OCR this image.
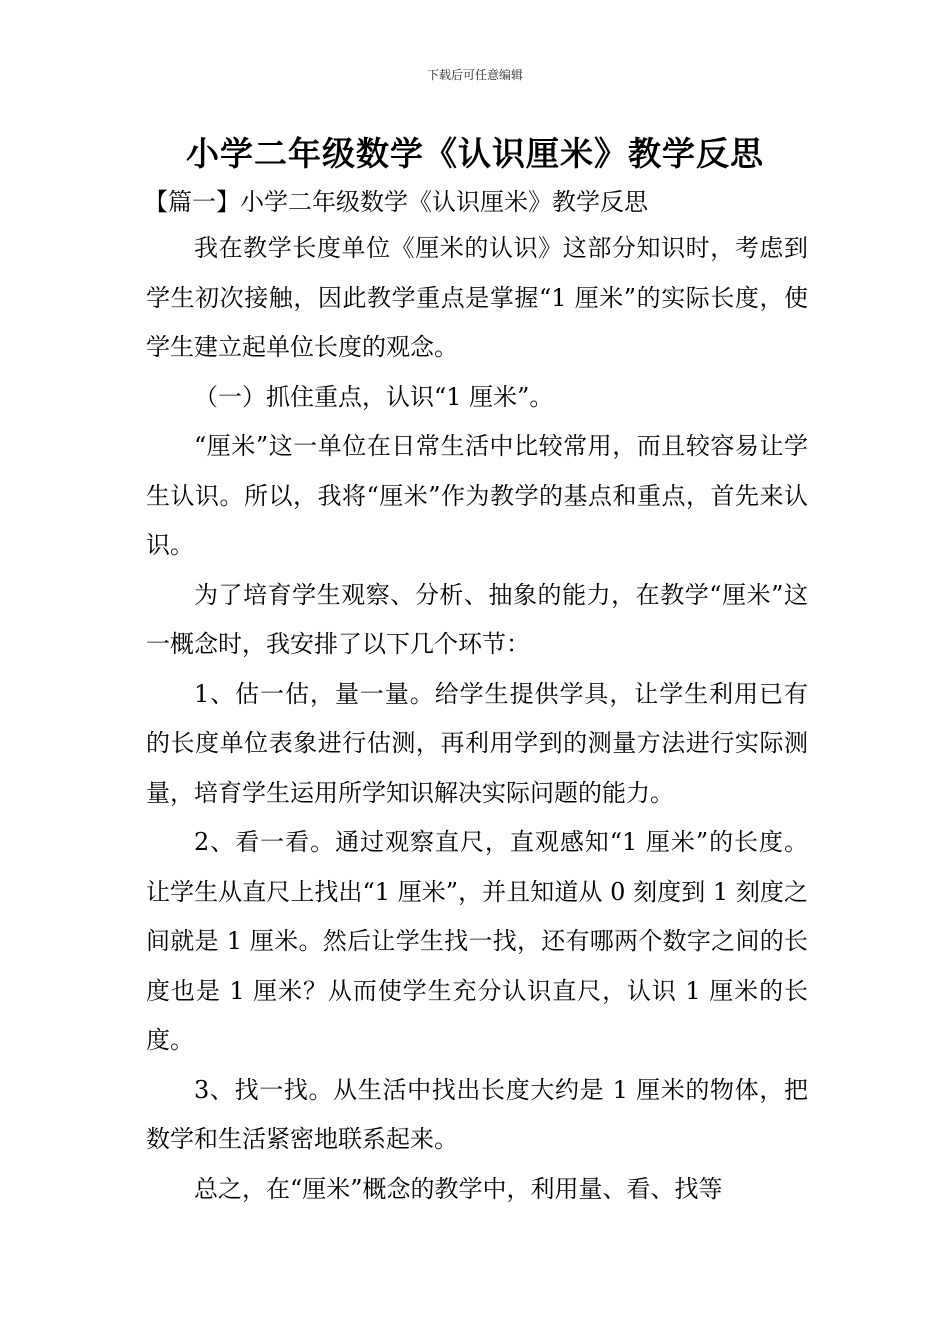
下载后可任意编辑
小学二年级数学《认识厘米》教学反思
【篇一】小学二年级数学《认识厘米》教学反思

我在教学长度单位《厘米的认识》这部分知识时，考虑到学生初次接触，因此教学重点是掌握“1 厘米”的实际长度，使学生建立起单位长度的观念。

（一）抓住重点，认识“1 厘米”。

“厘米”这一单位在日常生活中比较常用，而且较容易让学生认识。所以，我将“厘米”作为教学的基点和重点，首先来认识。

为了培育学生观察、分析、抽象的能力，在教学“厘米”这一概念时，我安排了以下几个环节：

1、估一估，量一量。给学生提供学具，让学生利用已有的长度单位表象进行估测，再利用学到的测量方法进行实际测量，培育学生运用所学知识解决实际问题的能力。

2、看一看。通过观察直尺，直观感知“1 厘米”的长度。让学生从直尺上找出“1 厘米”，并且知道从 0 刻度到 1 刻度之间就是 1 厘米。然后让学生找一找，还有哪两个数字之间的长度也是 1 厘米？从而使学生充分认识直尺，认识 1 厘米的长度。

3、找一找。从生活中找出长度大约是 1 厘米的物体，把数学和生活紧密地联系起来。

总之，在“厘米”概念的教学中，利用量、看、找等
